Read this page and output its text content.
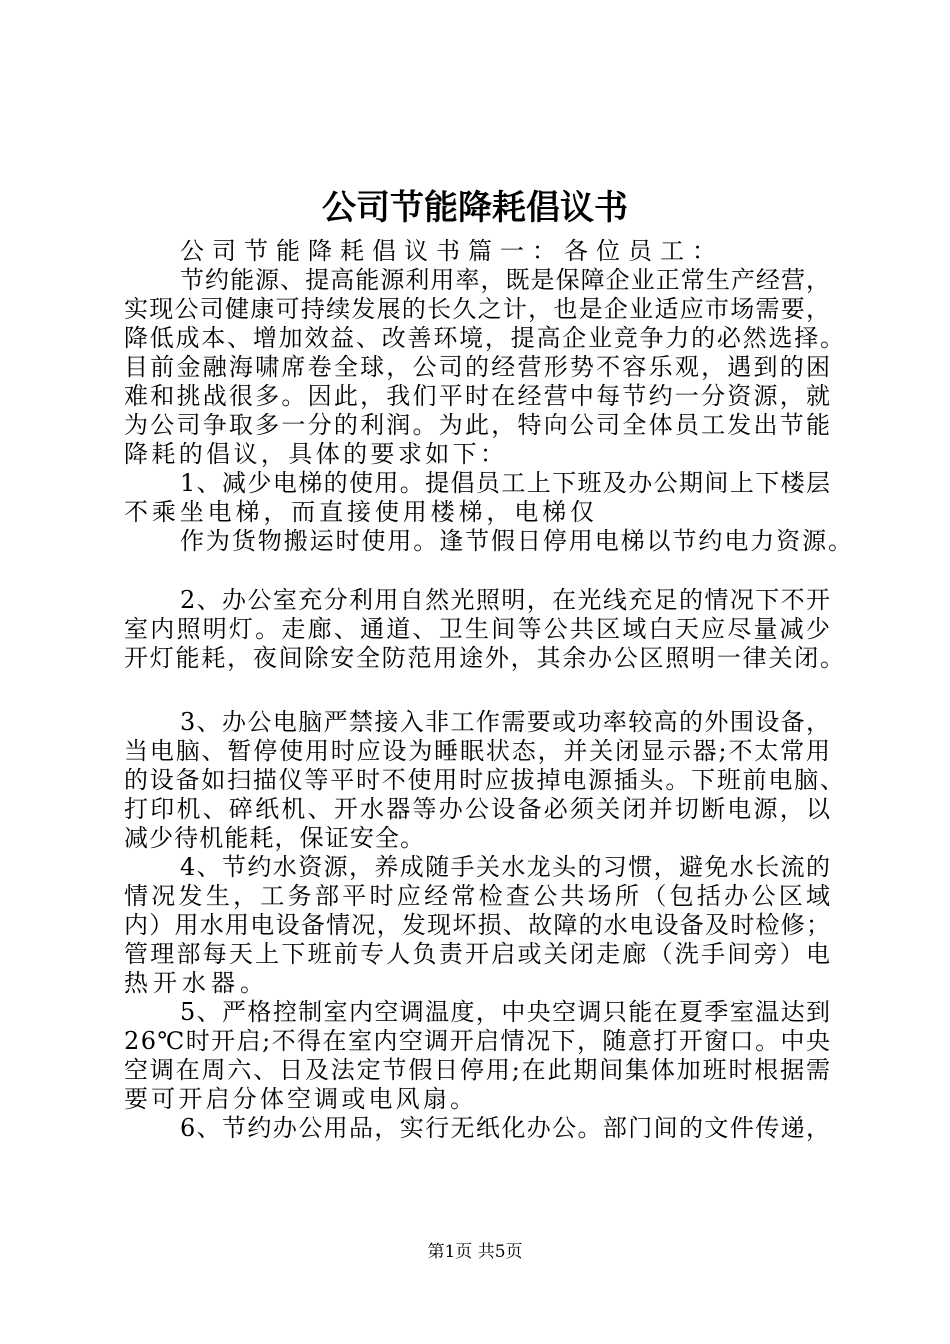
公司节能降耗倡议书

公司节能降耗倡议书篇一：各位员工：

节约能源、提高能源利用率，既是保障企业正常生产经营，

实现公司健康可持续发展的长久之计，也是企业适应市场需要，

降低成本、增加效益、改善环境，提高企业竞争力的必然选择。

目前金融海啸席卷全球，公司的经营形势不容乐观，遇到的困

难和挑战很多。因此，我们平时在经营中每节约一分资源，就

为公司争取多一分的利润。为此，特向公司全体员工发出节能

降耗的倡议，具体的要求如下：

1、减少电梯的使用。提倡员工上下班及办公期间上下楼层

不乘坐电梯，而直接使用楼梯，电梯仅

作为货物搬运时使用。逢节假日停用电梯以节约电力资源。

2、办公室充分利用自然光照明，在光线充足的情况下不开

室内照明灯。走廊、通道、卫生间等公共区域白天应尽量减少

开灯能耗，夜间除安全防范用途外，其余办公区照明一律关闭。

3、办公电脑严禁接入非工作需要或功率较高的外围设备，

当电脑、暂停使用时应设为睡眠状态，并关闭显示器;不太常用

的设备如扫描仪等平时不使用时应拔掉电源插头。下班前电脑、

打印机、碎纸机、开水器等办公设备必须关闭并切断电源，以

减少待机能耗，保证安全。

4、节约水资源，养成随手关水龙头的习惯，避免水长流的

情况发生，工务部平时应经常检查公共场所（包括办公区域

内）用水用电设备情况，发现坏损、故障的水电设备及时检修；

管理部每天上下班前专人负责开启或关闭走廊（洗手间旁）电

热开水器。

5、严格控制室内空调温度，中央空调只能在夏季室温达到

26℃时开启;不得在室内空调开启情况下，随意打开窗口。中央

空调在周六、日及法定节假日停用;在此期间集体加班时根据需

要可开启分体空调或电风扇。

6、节约办公用品，实行无纸化办公。部门间的文件传递，

第1页 共5页
